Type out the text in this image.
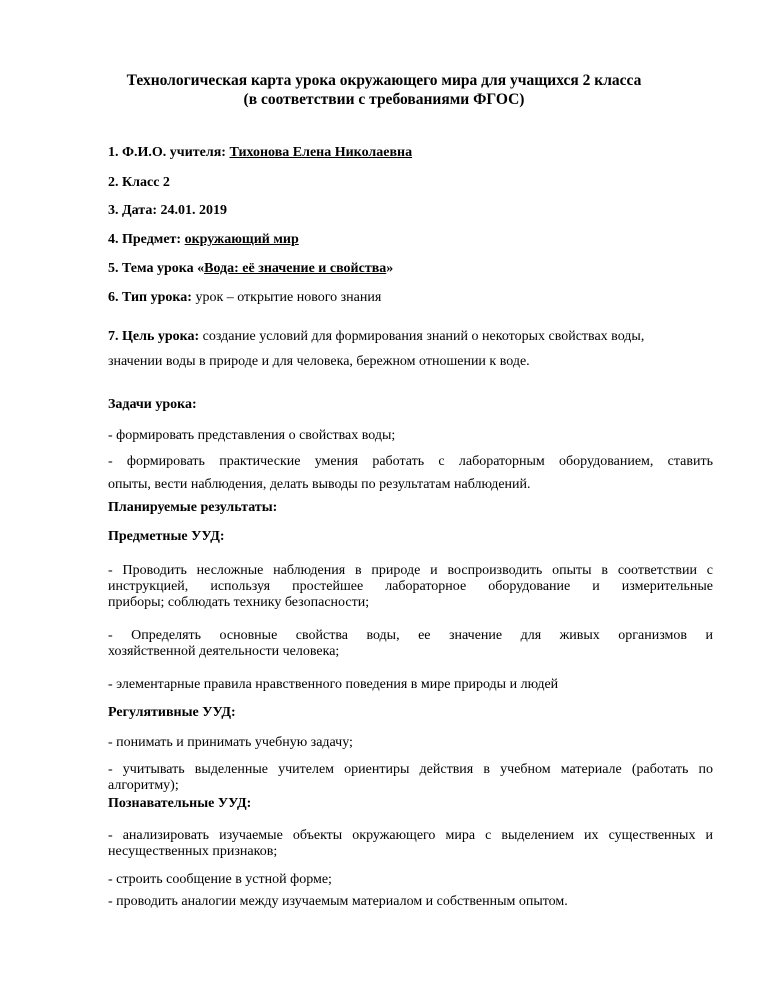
Технологическая карта урока окружающего мира для учащихся 2 класса
(в соответствии с требованиями ФГОС)
1. Ф.И.О. учителя: Тихонова Елена Николаевна
2. Класс 2
3. Дата: 24.01. 2019
4. Предмет: окружающий мир
5. Тема урока «Вода: её значение и свойства»
6. Тип урока: урок – открытие нового знания
7. Цель урока: создание условий для формирования знаний о некоторых свойствах воды,
значении воды в природе и для человека, бережном отношении к воде.
Задачи урока:
- формировать представления о свойствах воды;
- формировать практические умения работать с лабораторным оборудованием, ставить
опыты, вести наблюдения, делать выводы по результатам наблюдений.
Планируемые результаты:
Предметные УУД:
- Проводить несложные наблюдения в природе и воспроизводить опыты в соответствии с
инструкцией, используя простейшее лабораторное оборудование и измерительные
приборы; соблюдать технику безопасности;
- Определять основные свойства воды, ее значение для живых организмов и
хозяйственной деятельности человека;
- элементарные правила нравственного поведения в мире природы и людей
Регулятивные УУД:
- понимать и принимать учебную задачу;
- учитывать выделенные учителем ориентиры действия в учебном материале (работать по
алгоритму);
Познавательные УУД:
- анализировать изучаемые объекты окружающего мира с выделением их существенных и
несущественных признаков;
- строить сообщение в устной форме;
- проводить аналогии между изучаемым материалом и собственным опытом.
